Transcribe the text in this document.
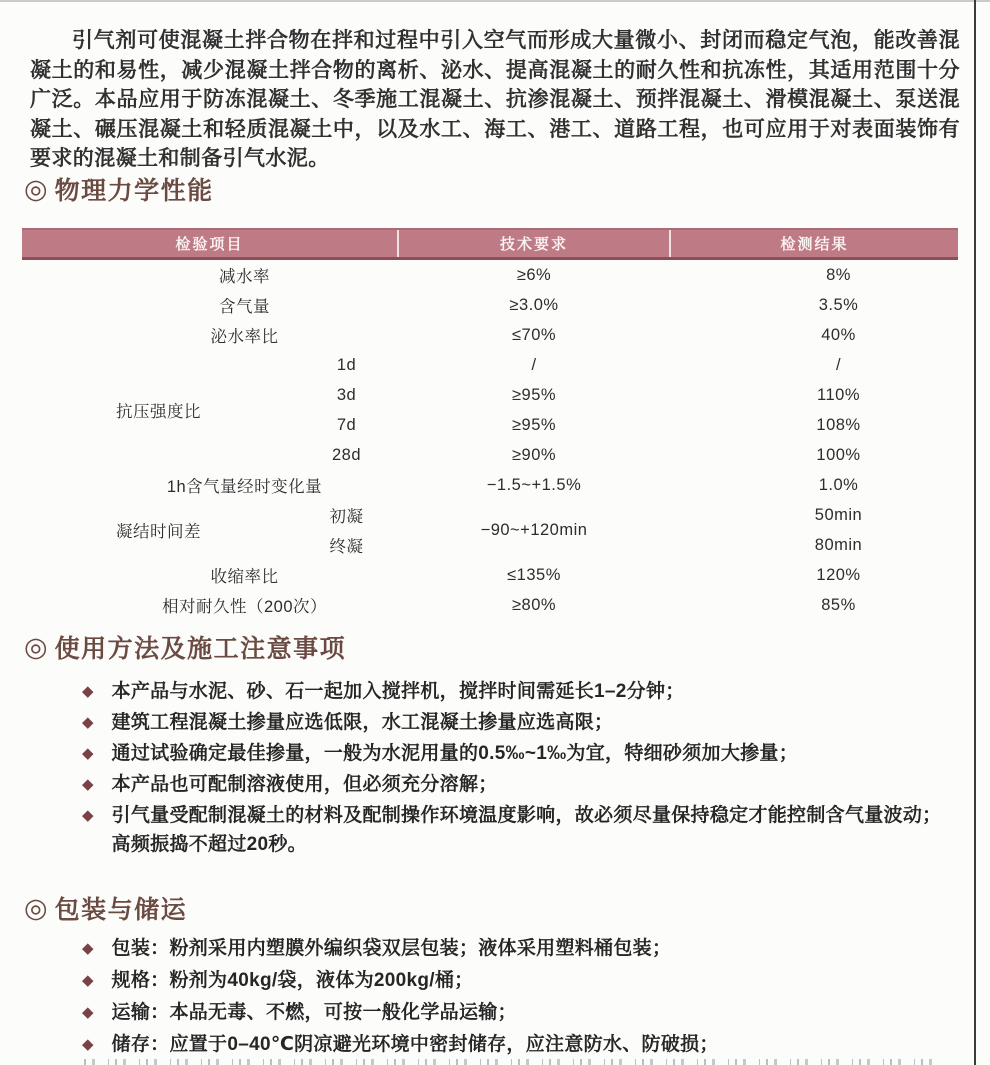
引气剂可使混凝土拌合物在拌和过程中引入空气而形成大量微小、封闭而稳定气泡，能改善混凝土的和易性，减少混凝土拌合物的离析、泌水、提高混凝土的耐久性和抗冻性，其适用范围十分广泛。本品应用于防冻混凝土、冬季施工混凝土、抗渗混凝土、预拌混凝土、滑模混凝土、泵送混凝土、碾压混凝土和轻质混凝土中，以及水工、海工、港工、道路工程，也可应用于对表面装饰有要求的混凝土和制备引气水泥。

◎ 物理力学性能
检验项目		技术要求	检测结果
减水率		≥6%	8%
含气量		≥3.0%	3.5%
泌水率比		≤70%	40%
抗压强度比	1d	/	/
	3d	≥95%	110%
	7d	≥95%	108%
	28d	≥90%	100%
1h含气量经时变化量		−1.5~+1.5%	1.0%
凝结时间差	初凝	−90~+120min	50min
	终凝		80min
收缩率比		≤135%	120%
相对耐久性（200次）		≥80%	85%
◎ 使用方法及施工注意事项
◆ 本产品与水泥、砂、石一起加入搅拌机，搅拌时间需延长1–2分钟；
◆ 建筑工程混凝土掺量应选低限，水工混凝土掺量应选高限；
◆ 通过试验确定最佳掺量，一般为水泥用量的0.5‰~1‰为宜，特细砂须加大掺量；
◆ 本产品也可配制溶液使用，但必须充分溶解；
◆ 引气量受配制混凝土的材料及配制操作环境温度影响，故必须尽量保持稳定才能控制含气量波动；
高频振捣不超过20秒。
◎ 包装与储运
◆ 包装：粉剂采用内塑膜外编织袋双层包装；液体采用塑料桶包装；
◆ 规格：粉剂为40kg/袋，液体为200kg/桶；
◆ 运输：本品无毒、不燃，可按一般化学品运输；
◆ 储存：应置于0–40℃阴凉避光环境中密封储存，应注意防水、防破损；
